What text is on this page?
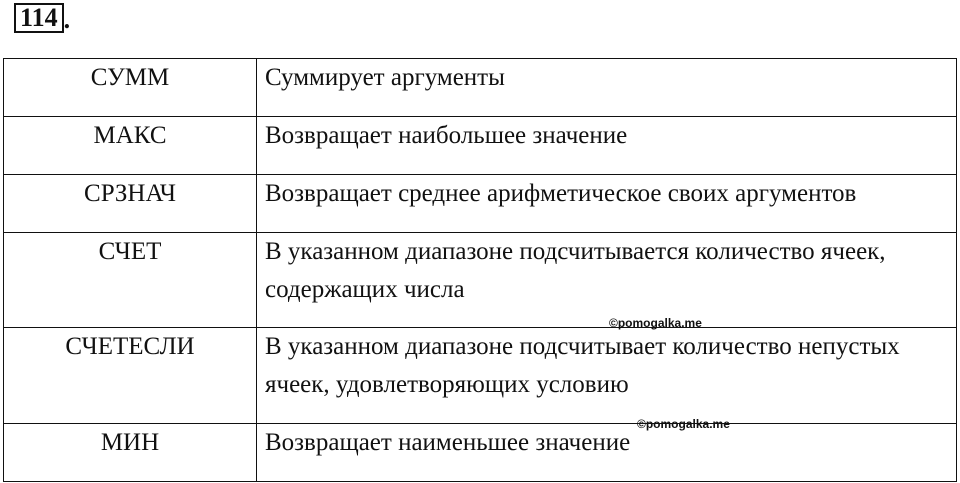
114 .
СУММ	Суммирует аргументы
МАКС	Возвращает наибольшее значение
СРЗНАЧ	Возвращает среднее арифметическое своих аргументов
СЧЕТ	В указанном диапазоне подсчитывается количество ячеек, содержащих числа
СЧЕТЕСЛИ	В указанном диапазоне подсчитывает количество непустых ячеек, удовлетворяющих условию
МИН	Возвращает наименьшее значение
©pomogalka.me
©pomogalka.me
